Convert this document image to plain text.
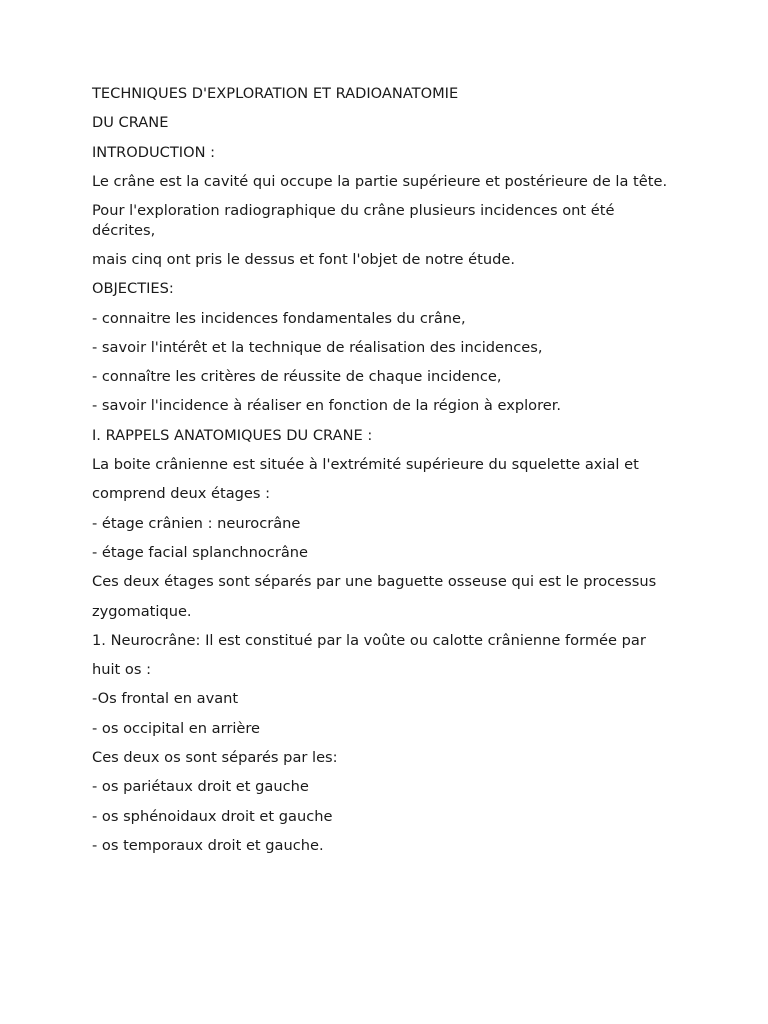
TECHNIQUES D'EXPLORATION ET RADIOANATOMIE

DU CRANE

INTRODUCTION :

Le crâne est la cavité qui occupe la partie supérieure et postérieure de la tête.

Pour l'exploration radiographique du crâne plusieurs incidences ont été décrites,

mais cinq ont pris le dessus et font l'objet de notre étude.

OBJECTIES:

- connaitre les incidences fondamentales du crâne,

- savoir l'intérêt et la technique de réalisation des incidences,

- connaître les critères de réussite de chaque incidence,

- savoir l'incidence à réaliser en fonction de la région à explorer.

I. RAPPELS ANATOMIQUES DU CRANE :

La boite crânienne est située à l'extrémité supérieure du squelette axial et

comprend deux étages :

- étage crânien : neurocrâne

- étage facial splanchnocrâne

Ces deux étages sont séparés par une baguette osseuse qui est le processus

zygomatique.

1. Neurocrâne: Il est constitué par la voûte ou calotte crânienne formée par

huit os :

-Os frontal en avant

- os occipital en arrière

Ces deux os sont séparés par les:

- os pariétaux droit et gauche

- os sphénoidaux droit et gauche

- os temporaux droit et gauche.
